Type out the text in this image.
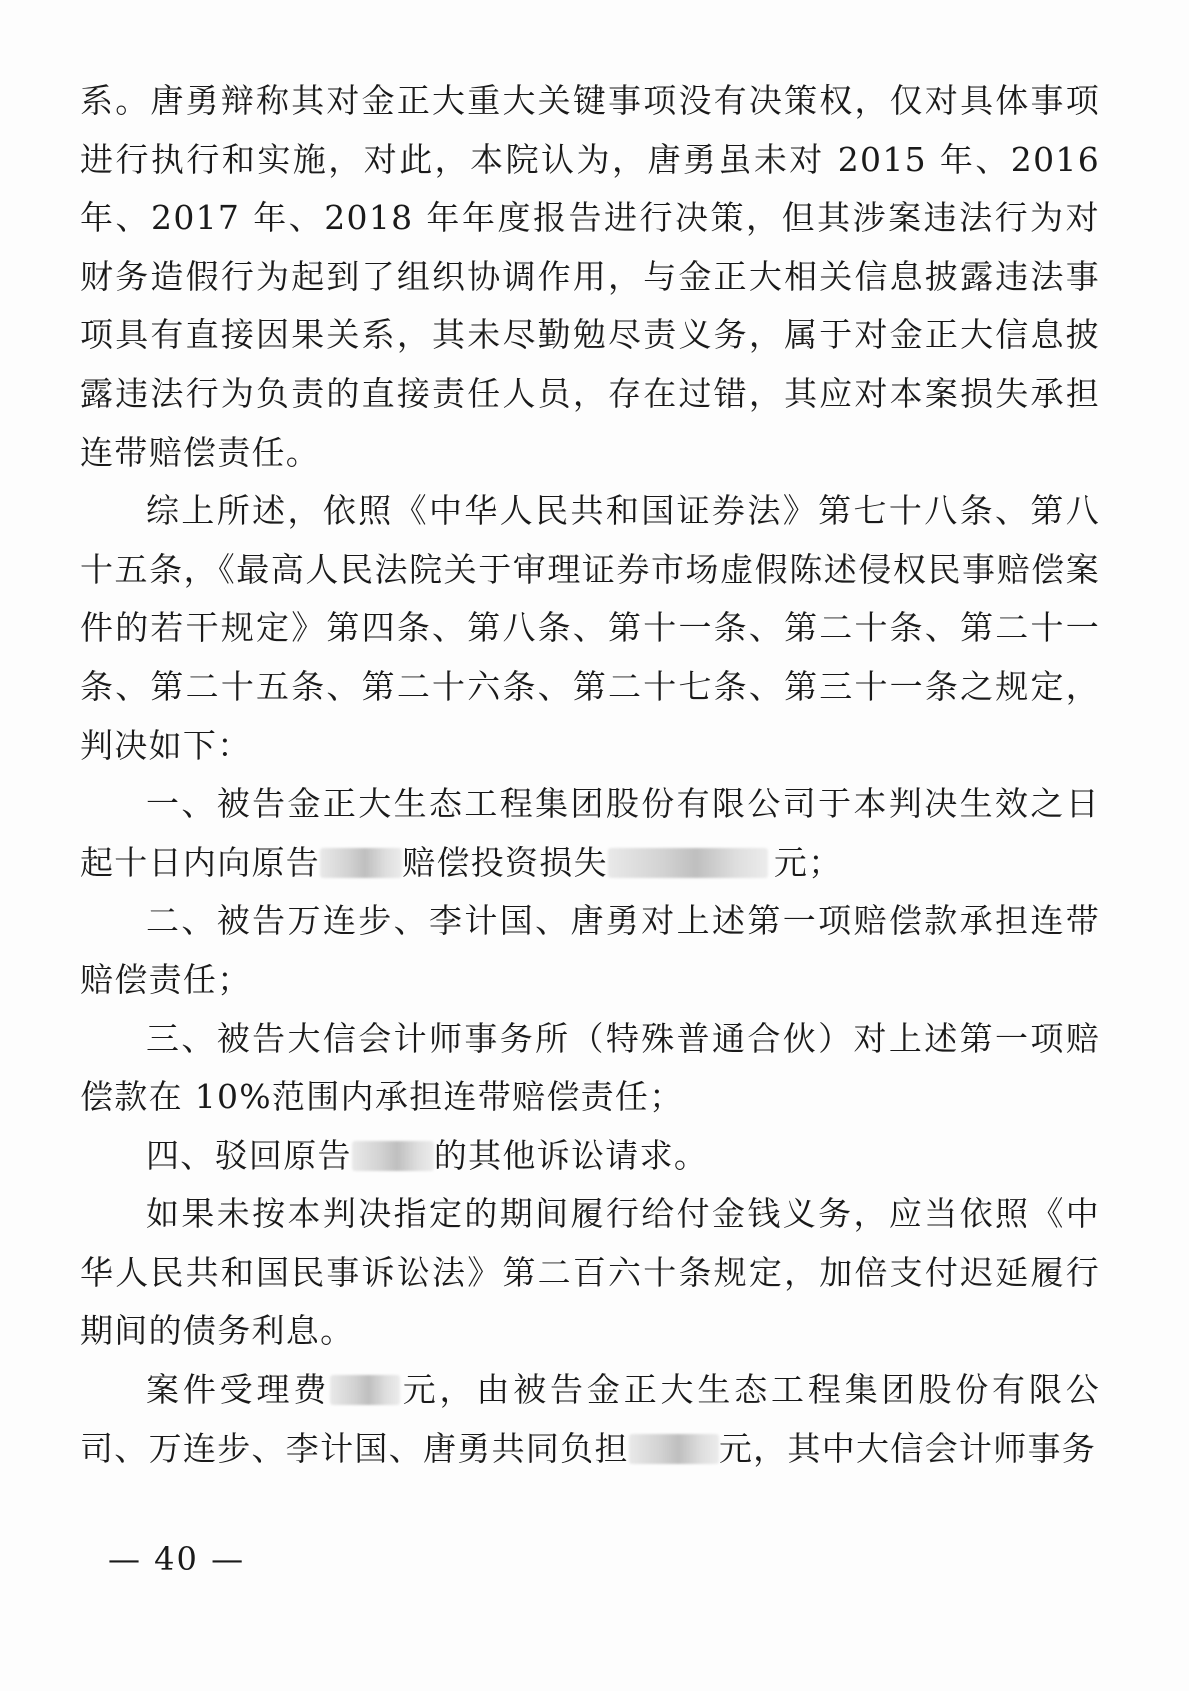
系。唐勇辩称其对金正大重大关键事项没有决策权，仅对具体事项进行执行和实施，对此，本院认为，唐勇虽未对 2015 年、2016 年、2017 年、2018 年年度报告进行决策，但其涉案违法行为对财务造假行为起到了组织协调作用，与金正大相关信息披露违法事项具有直接因果关系，其未尽勤勉尽责义务，属于对金正大信息披露违法行为负责的直接责任人员，存在过错，其应对本案损失承担连带赔偿责任。

综上所述，依照《中华人民共和国证券法》第七十八条、第八十五条，《最高人民法院关于审理证券市场虚假陈述侵权民事赔偿案件的若干规定》第四条、第八条、第十一条、第二十条、第二十一条、第二十五条、第二十六条、第二十七条、第三十一条之规定，判决如下：

一、被告金正大生态工程集团股份有限公司于本判决生效之日起十日内向原告 赔偿投资损失	元；

二、被告万连步、李计国、唐勇对上述第一项赔偿款承担连带赔偿责任；

三、被告大信会计师事务所（特殊普通合伙）对上述第一项赔偿款在 10%范围内承担连带赔偿责任；

四、驳回原告 的其他诉讼请求。

如果未按本判决指定的期间履行给付金钱义务，应当依照《中华人民共和国民事诉讼法》第二百六十条规定，加倍支付迟延履行期间的债务利息。

案件受理费 元，由被告金正大生态工程集团股份有限公司、万连步、李计国、唐勇共同负担	元，其中大信会计师事务

— 40 —
